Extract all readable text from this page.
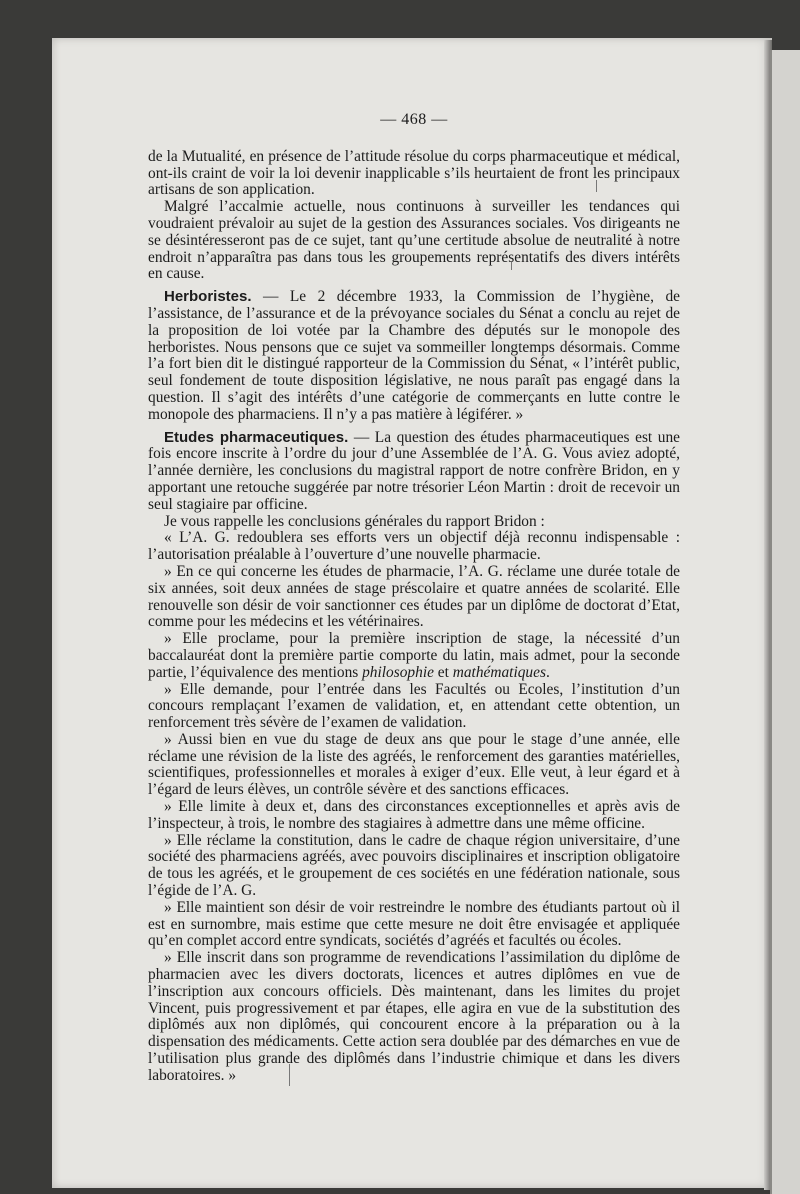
— 468 —

de la Mutualité, en présence de l’attitude résolue du corps pharmaceutique et médical, ont-ils craint de voir la loi devenir inapplicable s’ils heurtaient de front les principaux artisans de son application.

Malgré l’accalmie actuelle, nous continuons à surveiller les tendances qui voudraient prévaloir au sujet de la gestion des Assurances sociales. Vos dirigeants ne se désintéresseront pas de ce sujet, tant qu’une certitude absolue de neutralité à notre endroit n’apparaîtra pas dans tous les groupements représentatifs des divers intérêts en cause.

Herboristes. — Le 2 décembre 1933, la Commission de l’hygiène, de l’assistance, de l’assurance et de la prévoyance sociales du Sénat a conclu au rejet de la proposition de loi votée par la Chambre des députés sur le monopole des herboristes. Nous pensons que ce sujet va sommeiller longtemps désormais. Comme l’a fort bien dit le distingué rapporteur de la Commission du Sénat, « l’intérêt public, seul fondement de toute disposition législative, ne nous paraît pas engagé dans la question. Il s’agit des intérêts d’une catégorie de commerçants en lutte contre le monopole des pharmaciens. Il n’y a pas matière à légiférer. »

Etudes pharmaceutiques. — La question des études pharmaceutiques est une fois encore inscrite à l’ordre du jour d’une Assemblée de l’A. G. Vous aviez adopté, l’année dernière, les conclusions du magistral rapport de notre confrère Bridon, en y apportant une retouche suggérée par notre trésorier Léon Martin : droit de recevoir un seul stagiaire par officine.

Je vous rappelle les conclusions générales du rapport Bridon :

« L’A. G. redoublera ses efforts vers un objectif déjà reconnu indispensable : l’autorisation préalable à l’ouverture d’une nouvelle pharmacie.

» En ce qui concerne les études de pharmacie, l’A. G. réclame une durée totale de six années, soit deux années de stage préscolaire et quatre années de scolarité. Elle renouvelle son désir de voir sanctionner ces études par un diplôme de doctorat d’Etat, comme pour les médecins et les vétérinaires.

» Elle proclame, pour la première inscription de stage, la nécessité d’un baccalauréat dont la première partie comporte du latin, mais admet, pour la seconde partie, l’équivalence des mentions philosophie et mathématiques.

» Elle demande, pour l’entrée dans les Facultés ou Ecoles, l’institution d’un concours remplaçant l’examen de validation, et, en attendant cette obtention, un renforcement très sévère de l’examen de validation.

» Aussi bien en vue du stage de deux ans que pour le stage d’une année, elle réclame une révision de la liste des agréés, le renforcement des garanties matérielles, scientifiques, professionnelles et morales à exiger d’eux. Elle veut, à leur égard et à l’égard de leurs élèves, un contrôle sévère et des sanctions efficaces.

» Elle limite à deux et, dans des circonstances exceptionnelles et après avis de l’inspecteur, à trois, le nombre des stagiaires à admettre dans une même officine.

» Elle réclame la constitution, dans le cadre de chaque région universitaire, d’une société des pharmaciens agréés, avec pouvoirs disciplinaires et inscription obligatoire de tous les agréés, et le groupement de ces sociétés en une fédération nationale, sous l’égide de l’A. G.

» Elle maintient son désir de voir restreindre le nombre des étudiants partout où il est en surnombre, mais estime que cette mesure ne doit être envisagée et appliquée qu’en complet accord entre syndicats, sociétés d’agréés et facultés ou écoles.

» Elle inscrit dans son programme de revendications l’assimilation du diplôme de pharmacien avec les divers doctorats, licences et autres diplômes en vue de l’inscription aux concours officiels. Dès maintenant, dans les limites du projet Vincent, puis progressivement et par étapes, elle agira en vue de la substitution des diplômés aux non diplômés, qui concourent encore à la préparation ou à la dispensation des médicaments. Cette action sera doublée par des démarches en vue de l’utilisation plus grande des diplômés dans l’industrie chimique et dans les divers laboratoires. »
